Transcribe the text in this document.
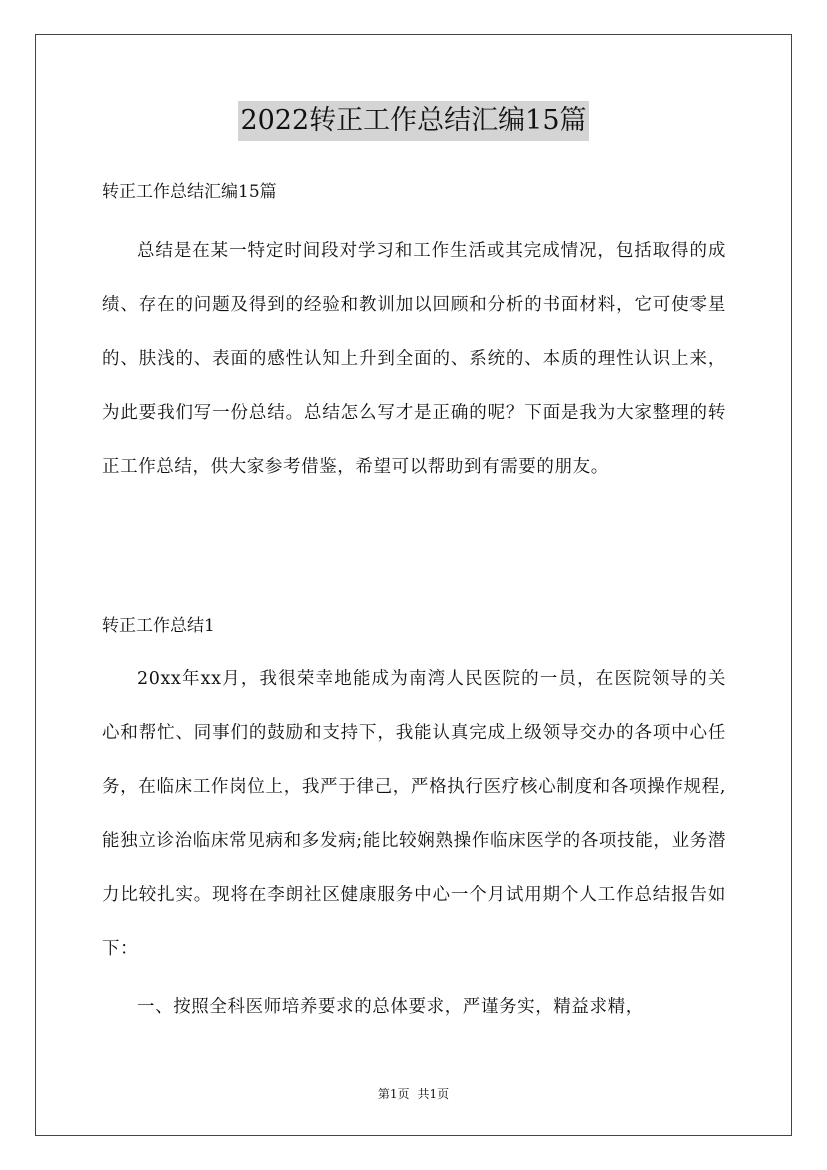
2022转正工作总结汇编15篇

转正工作总结汇编15篇

总结是在某一特定时间段对学习和工作生活或其完成情况，包括取得的成绩、存在的问题及得到的经验和教训加以回顾和分析的书面材料，它可使零星的、肤浅的、表面的感性认知上升到全面的、系统的、本质的理性认识上来，为此要我们写一份总结。总结怎么写才是正确的呢？下面是我为大家整理的转正工作总结，供大家参考借鉴，希望可以帮助到有需要的朋友。

转正工作总结1

20xx年xx月，我很荣幸地能成为南湾人民医院的一员，在医院领导的关心和帮忙、同事们的鼓励和支持下，我能认真完成上级领导交办的各项中心任务，在临床工作岗位上，我严于律己，严格执行医疗核心制度和各项操作规程,能独立诊治临床常见病和多发病;能比较娴熟操作临床医学的各项技能，业务潜力比较扎实。现将在李朗社区健康服务中心一个月试用期个人工作总结报告如下：

一、按照全科医师培养要求的总体要求，严谨务实，精益求精，

第1页 共1页
